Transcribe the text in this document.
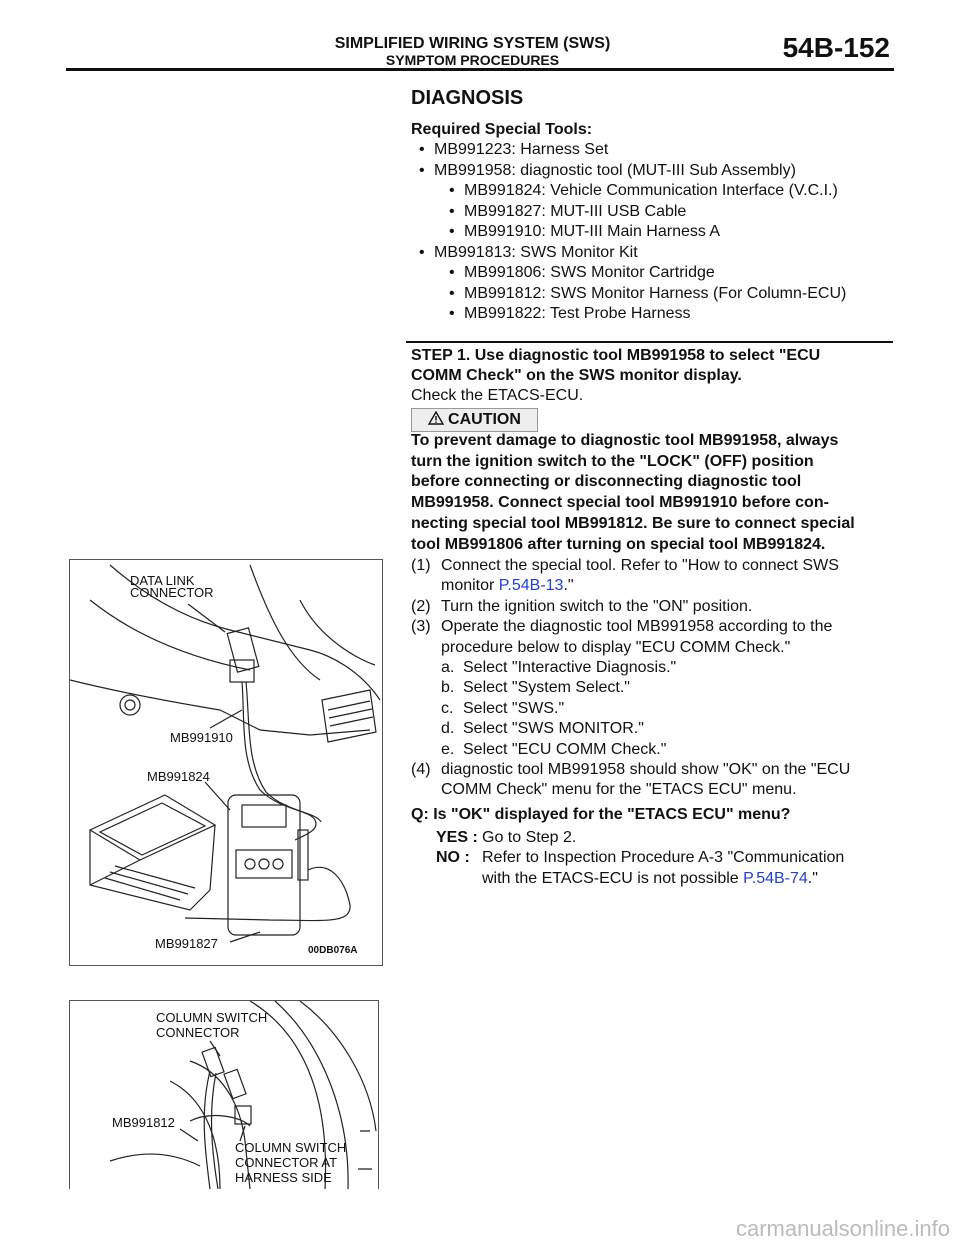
SIMPLIFIED WIRING SYSTEM (SWS)
SYMPTOM PROCEDURES	54B-152
DIAGNOSIS
Required Special Tools:
• MB991223: Harness Set
• MB991958: diagnostic tool (MUT-III Sub Assembly)
• MB991824: Vehicle Communication Interface (V.C.I.)
• MB991827: MUT-III USB Cable
• MB991910: MUT-III Main Harness A
• MB991813: SWS Monitor Kit
• MB991806: SWS Monitor Cartridge
• MB991812: SWS Monitor Harness (For Column-ECU)
• MB991822: Test Probe Harness
STEP 1. Use diagnostic tool MB991958 to select "ECU
COMM Check" on the SWS monitor display.
Check the ETACS-ECU.
CAUTION
To prevent damage to diagnostic tool MB991958, always
turn the ignition switch to the "LOCK" (OFF) position
before connecting or disconnecting diagnostic tool
MB991958. Connect special tool MB991910 before con-
necting special tool MB991812. Be sure to connect special
tool MB991806 after turning on special tool MB991824.
(1) Connect the special tool. Refer to "How to connect SWS
monitor P.54B-13."
(2) Turn the ignition switch to the "ON" position.
(3) Operate the diagnostic tool MB991958 according to the
procedure below to display "ECU COMM Check."
a. Select "Interactive Diagnosis."
b. Select "System Select."
c. Select "SWS."
d. Select "SWS MONITOR."
e. Select "ECU COMM Check."
(4) diagnostic tool MB991958 should show "OK" on the "ECU
COMM Check" menu for the "ETACS ECU" menu.
Q: Is "OK" displayed for the "ETACS ECU" menu?
YES : Go to Step 2.
NO : Refer to Inspection Procedure A-3 "Communication
with the ETACS-ECU is not possible P.54B-74."
DATA LINK
CONNECTOR
MB991910
MB991824
MB991827	00DB076A
COLUMN SWITCH
CONNECTOR
MB991812
COLUMN SWITCH
CONNECTOR AT
HARNESS SIDE
carmanualsonline.info
